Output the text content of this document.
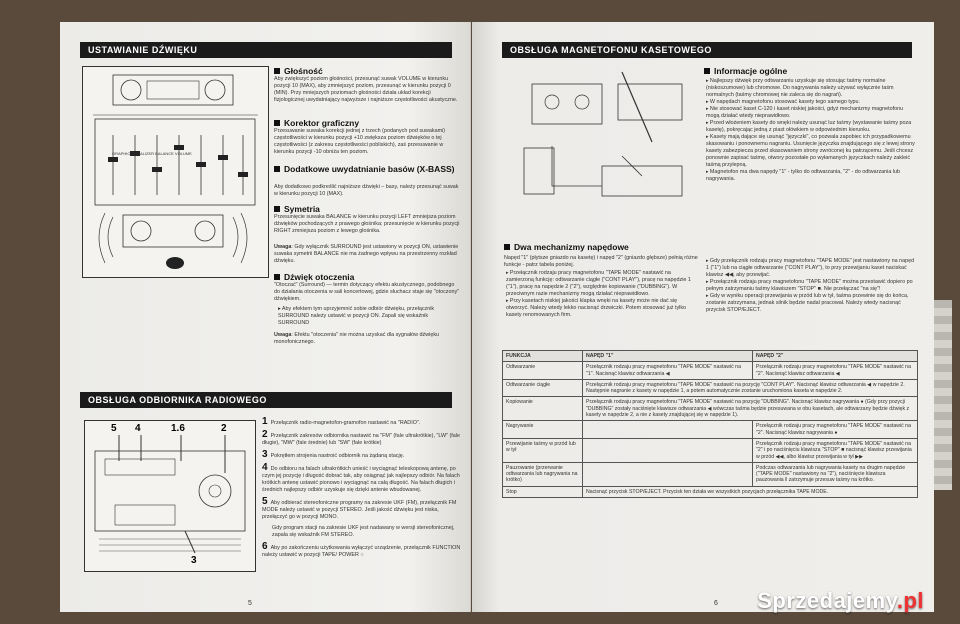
USTAWIANIE DŹWIĘKU
GRAPHIC EQUALIZER BALANCE VOLUME
Głośność
Aby zwiększyć poziom głośności, przesunąć suwak VOLUME w kierunku pozycji 10 (MAX), aby zmniejszyć poziom, przesunąć w kierunku pozycji 0 (MIN). Przy mniejszych poziomach głośności działa układ korekcji fizjologicznej uwydatniający najwyższe i najniższe częstotliwości akustyczne.
Korektor graficzny
Przesuwanie suwaka korekcji jednej z trzech (podanych pod suwakami) częstotliwości w kierunku pozycji +10 zwiększa poziom dźwięków o tej częstotliwości (z zakresu częstotliwości pobliskich), zaś przesuwanie w kierunku pozycji -10 obniża ten poziom.
Dodatkowe uwydatnianie basów (X-BASS)
Aby dodatkowo podkreślić najniższe dźwięki – basy, należy przesunąć suwak w kierunku pozycji 10 (MAX).
Symetria
Przesunięcie suwaka BALANCE w kierunku pozycji LEFT zmniejsza poziom dźwięków pochodzących z prawego głośnika; przesunięcie w kierunku pozycji RIGHT zmniejsza poziom z lewego głośnika.
Uwaga: Gdy wyłącznik SURROUND jest ustawiony w pozycji ON, ustawienie suwaka symetrii BALANCE nie ma żadnego wpływu na przestrzenny rozkład dźwięku.
Dźwięk otoczenia
"Otoczać" (Surround) — termin dotyczący efektu akustycznego, podobnego do działania otoczenia w sali koncertowej, gdzie słuchacz staje się "otoczony" dźwiękiem.
▸ Aby efektem tym uprzyjemnić sobie odbiór dźwięku, przełącznik SURROUND należy ustawić w pozycji ON. Zapali się wskaźnik SURROUND
Uwaga: Efektu "otoczenia" nie można uzyskać dla sygnałów dźwięku monofonicznego.
OBSŁUGA ODBIORNIKA RADIOWEGO
5 4	1.6	2
3
1 Przełącznik radio-magnetofon-gramofon nastawić na "RADIO".
2 Przełącznik zakresów odbiornika nastawić na "FM" (fale ultrakrótkie), "LW" (fale długie), "MW" (fale średnie) lub "SW" (fale krótkie)
3 Pokrętłem strojenia nastroić odbiornik na żądaną stację.
4 Do odbioru na falach ultrakrótkich unieść i wyciągnąć teleskopową antenę, po czym jej pozycję i długość dobrać tak, aby osiągnąć jak najlepszy odbiór. Na falach krótkich antenę ustawić pionowo i wyciągnąć na całą długość. Na falach długich i średnich najlepszy odbiór uzyskuje się dzięki antenie wbudowanej.
5 Aby odbierać stereofoniczne programy na zakresie UKF (FM), przełącznik FM MODE należy ustawić w pozycji STEREO. Jeśli jakość dźwięku jest niska, przełączyć go w pozycji MONO.
Gdy program stacji na zakresie UKF jest nadawany w wersji stereofonicznej, zapala się wskaźnik FM STEREO.
6 Aby po zakończeniu użytkowania wyłączyć urządzenie, przełącznik FUNCTION należy ustawić w pozycji TAPE/ POWER ○
5
OBSŁUGA MAGNETOFONU KASETOWEGO
Informacje ogólne
▸ Najlepszy dźwięk przy odtwarzaniu uzyskuje się stosując taśmy normalne (niskoszumowe) lub chromowe. Do nagrywania należy używać wyłącznie taśm normalnych (taśmy chromowej nie zaleca się do nagrań).
▸ W napędach magnetofonu stosować kasety tego samego typu.
▸ Nie stosować kaset C-120 i kaset niskiej jakości, gdyż mechanizmy magnetofonu mogą działać wtedy nieprawidłowo.
▸ Przed włożeniem kasety do wnęki należy usunąć luz taśmy (wystawanie taśmy poza kasetę), pokręcając jedną z piast ołówkiem w odpowiednim kierunku.
▸ Kasety mają dające się usunąć "języczki", co pozwala zapobiec ich przypadkowemu skasowaniu i ponownemu nagraniu. Usunięcie języczka znajdującego się z lewej strony kasety zabezpiecza przed skasowaniem strony zwróconej ku patrzącemu. Jeśli chcesz ponownie zapisać taśmę, otwory pozostałe po wyłamanych języczkach należy zakleić taśmą przylepną.
▸ Magnetofon ma dwa napędy "1" - tylko do odtwarzania, "2" - do odtwarzania lub nagrywania.
Dwa mechanizmy napędowe
Napęd "1" (płytsze gniazdo na kasetę) i napęd "2" (gniazdo głębsze) pełnią różne funkcje - patrz tabela poniżej.
▸ Przełącznik rodzaju pracy magnetofonu "TAPE MODE" nastawić na zamierzoną funkcję: odtwarzanie ciągłe ("CONT PLAY"), pracę na napędzie 1 ("1"), pracę na napędzie 2 ("2"), względnie kopiowanie ("DUBBING"). W przeciwnym razie mechanizmy mogą działać nieprawidłowo.
▸ Przy kasetach niskiej jakości klapka wnęki na kasety może nie dać się otworzyć. Należy wtedy lekko nacisnąć drzwiczki. Potem stosować już tylko kasety renomowanych firm.
▸ Gdy przełącznik rodzaju pracy magnetofonu "TAPE MODE" jest nastawiony na napęd 1 ("1") lub na ciągłe odtwarzanie ("CONT PLAY"), to przy przewijaniu kaset naciskać klawisz ◀◀, aby przewijać.
▸ Przełącznik rodzaju pracy magnetofonu "TAPE MODE" można przestawić dopiero po pełnym zatrzymaniu taśmy klawiszem "STOP" ■. Nie przełączać "na się"!
▸ Gdy w wyniku operacji przewijania w przód lub w tył, taśma przewinie się do końca, zostanie zatrzymana, jednak silnik będzie nadal pracował. Należy wtedy nacisnąć przycisk STOP/EJECT.
FUNKCJA	NAPĘD "1"	NAPĘD "2"
Odtwarzanie	Przełącznik rodzaju pracy magnetofonu "TAPE MODE" nastawić na "1". Nacisnąć klawisz odtwarzania ◀	Przełącznik rodzaju pracy magnetofonu "TAPE MODE" nastawić na "2". Nacisnąć klawisz odtwarzania ◀
Odtwarzanie ciągłe	Przełącznik rodzaju pracy magnetofonu "TAPE MODE" nastawić na pozycję "CONT PLAY". Nacisnąć klawisz odtwarzania ◀ w napędzie 2. Następnie nagranie z kasety w napędzie 1, a potem automatycznie zostanie uruchomiona kaseta w napędzie 2.	
Kopiowanie	Przełącznik rodzaju pracy magnetofonu "TAPE MODE" nastawić na pozycję "DUBBING". Nacisnąć klawisz nagrywania ● (Gdy przy pozycji "DUBBING" zostały naciśnięte klawisze odtwarzania ◀ wówczas taśma będzie przesuwana w obu kasetach, ale odtwarzany będzie dźwięk z kasety w napędzie 2, a nie z kasety znajdującej się w napędzie 1).	
Nagrywanie		Przełącznik rodzaju pracy magnetofonu "TAPE MODE" nastawić na "2". Nacisnąć klawisz nagrywania ●
Przewijanie taśmy w przód lub w tył		Przełącznik rodzaju pracy magnetofonu "TAPE MODE" nastawić na "2" i po naciśnięciu klawisza "STOP" ■ nacisnąć klawisz przewijania w przód ◀◀, albo klawisz przewijania w tył ▶▶
Pauzowanie (przerwanie odtwarzania lub nagrywania na krótko)		Podczas odtwarzania lub nagrywania kasety na drugim napędzie ("TAPE MODE" nastawiony na "2"), naciśnięcie klawisza pauzowania ‖ zatrzymuje przesuw taśmy na krótko.
Stop	Nacisnąć przycisk STOP/EJECT. Przycisk ten działa we wszystkich pozycjach przełącznika TAPE MODE.	
6 Sprzedajemy.pl
